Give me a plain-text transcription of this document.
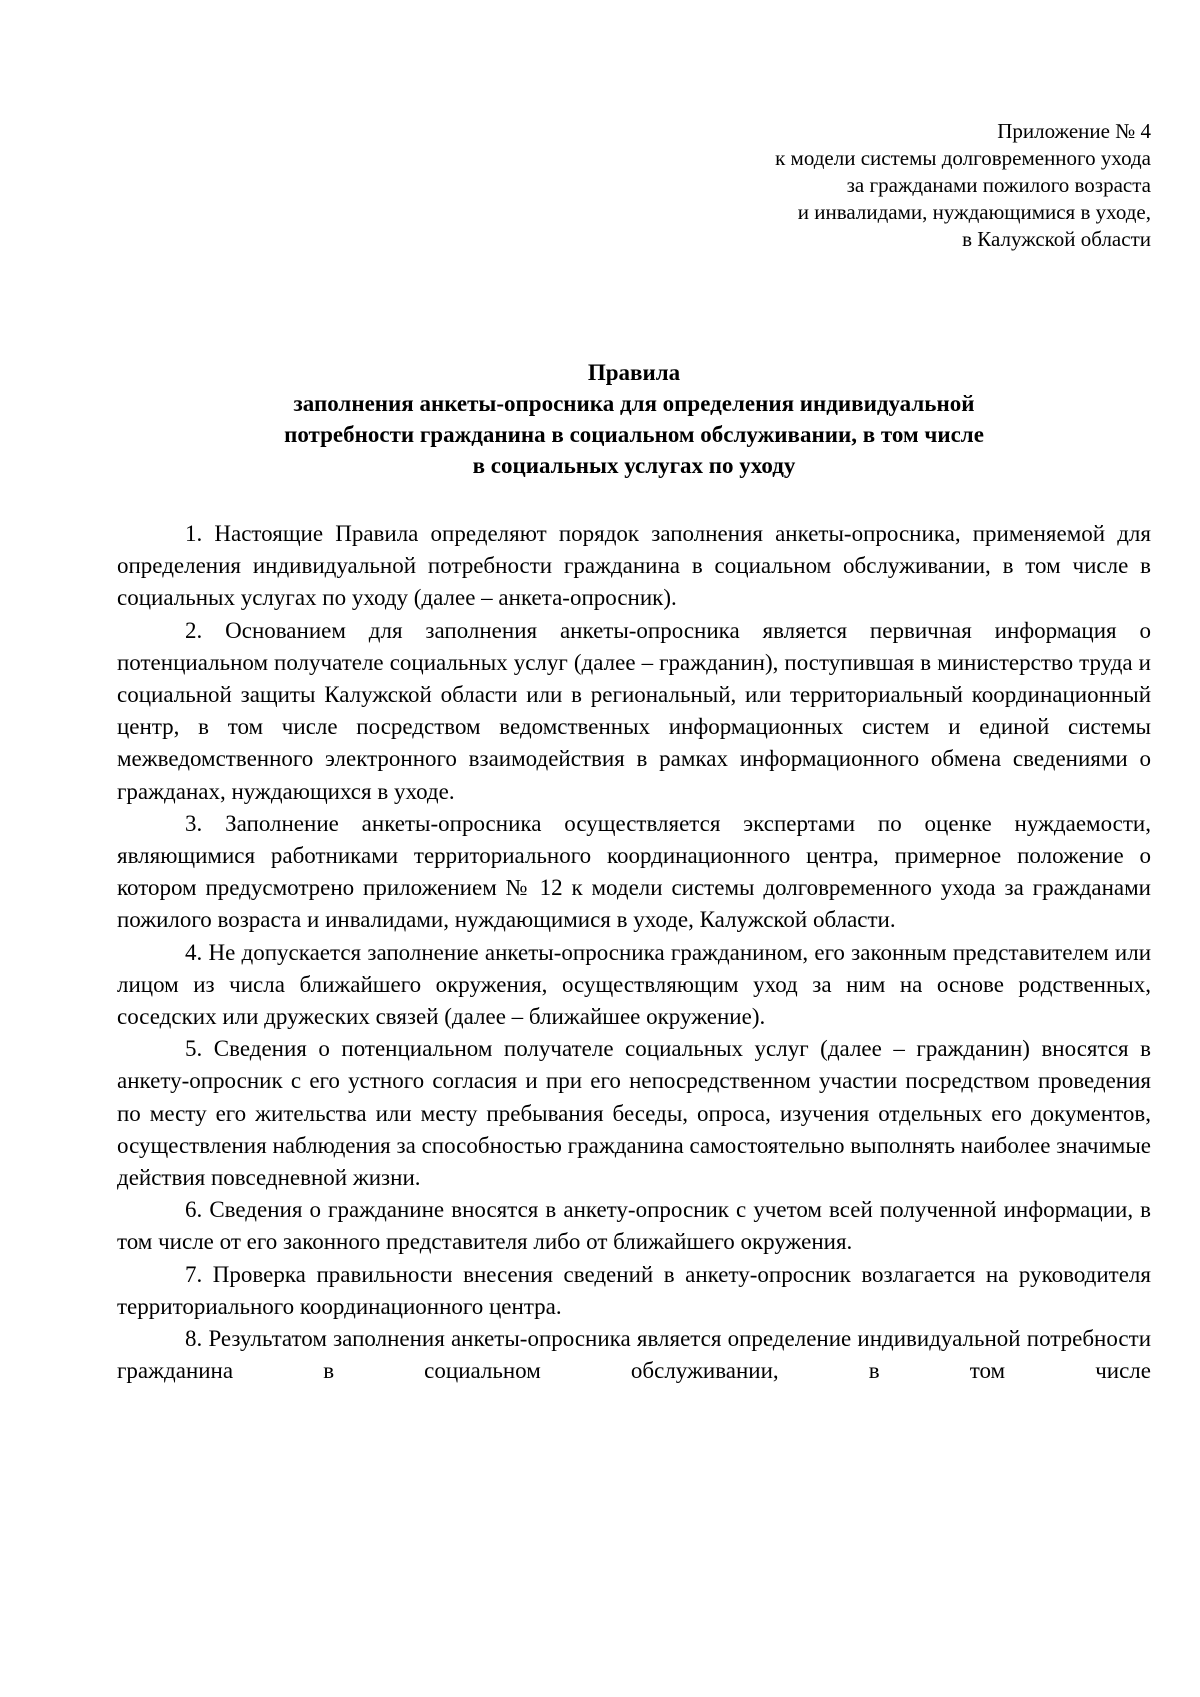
Приложение № 4
к модели системы долговременного ухода
за гражданами пожилого возраста
и инвалидами, нуждающимися в уходе,
в Калужской области
Правила
заполнения анкеты-опросника для определения индивидуальной
потребности гражданина в социальном обслуживании, в том числе
в социальных услугах по уходу

1. Настоящие Правила определяют порядок заполнения анкеты-опросника, применяемой для определения индивидуальной потребности гражданина в социальном обслуживании, в том числе в социальных услугах по уходу (далее – анкета-опросник).

2. Основанием для заполнения анкеты-опросника является первичная информация о потенциальном получателе социальных услуг (далее – гражданин), поступившая в министерство труда и социальной защиты Калужской области или в региональный, или территориальный координационный центр, в том числе посредством ведомственных информационных систем и единой системы межведомственного электронного взаимодействия в рамках информационного обмена сведениями о гражданах, нуждающихся в уходе.

3. Заполнение анкеты-опросника осуществляется экспертами по оценке нуждаемости, являющимися работниками территориального координационного центра, примерное положение о котором предусмотрено приложением № 12 к модели системы долговременного ухода за гражданами пожилого возраста и инвалидами, нуждающимися в уходе, Калужской области.

4. Не допускается заполнение анкеты-опросника гражданином, его законным представителем или лицом из числа ближайшего окружения, осуществляющим уход за ним на основе родственных, соседских или дружеских связей (далее – ближайшее окружение).

5. Сведения о потенциальном получателе социальных услуг (далее – гражданин) вносятся в анкету-опросник с его устного согласия и при его непосредственном участии посредством проведения по месту его жительства или месту пребывания беседы, опроса, изучения отдельных его документов, осуществления наблюдения за способностью гражданина самостоятельно выполнять наиболее значимые действия повседневной жизни.

6. Сведения о гражданине вносятся в анкету-опросник с учетом всей полученной информации, в том числе от его законного представителя либо от ближайшего окружения.

7. Проверка правильности внесения сведений в анкету-опросник возлагается на руководителя территориального координационного центра.

8. Результатом заполнения анкеты-опросника является определение индивидуальной потребности гражданина в социальном обслуживании, в том числе
